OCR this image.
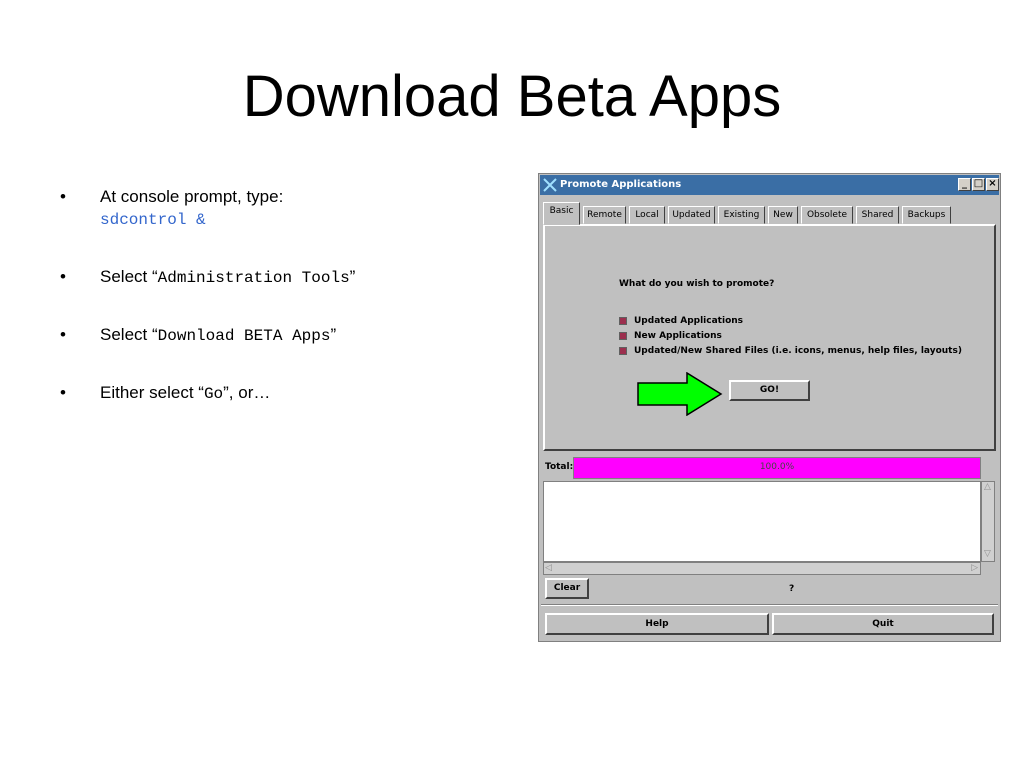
Download Beta Apps
• At console prompt, type:
sdcontrol &
• Select “Administration Tools”
• Select “Download BETA Apps”
• Either select “Go”, or…
Promote Applications	_ □ ×
Basic	Remote	Local	Updated	Existing	New	Obsolete	Shared	Backups
What do you wish to promote?
Updated Applications
New Applications
Updated/New Shared Files (i.e. icons, menus, help files, layouts)
GO!
Total:	100.0%
△
▽
◁	▷
Clear	?
Help	Quit
